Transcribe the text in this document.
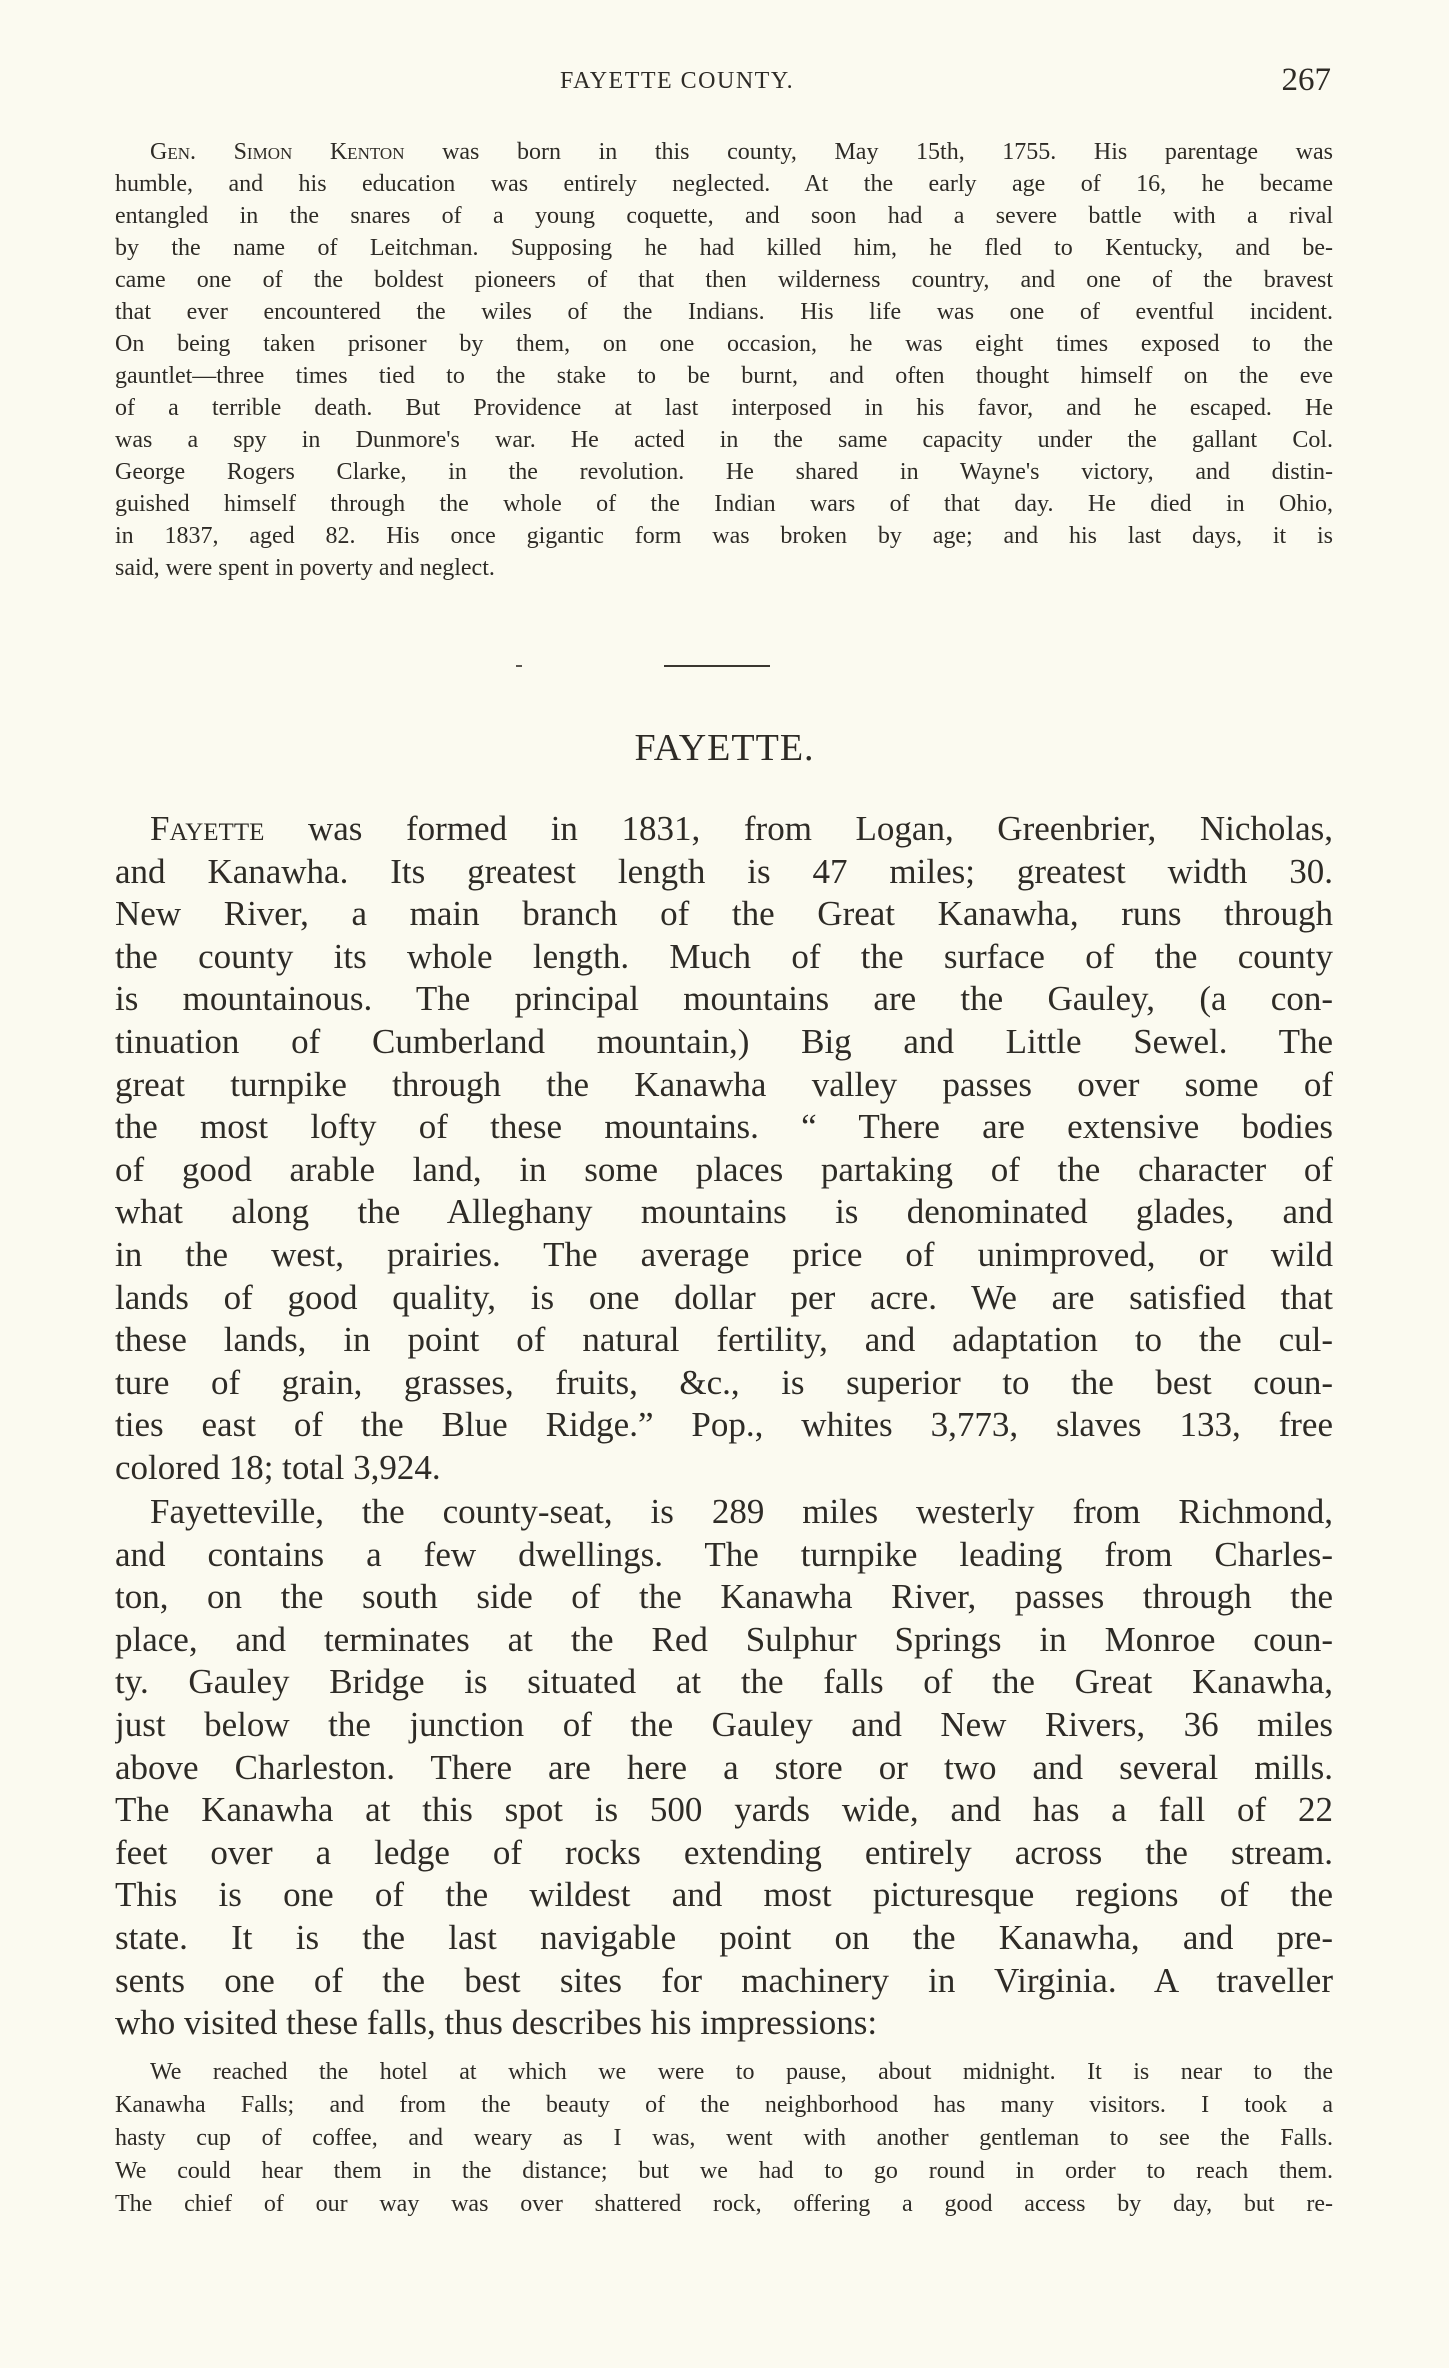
FAYETTE COUNTY.	267
Gen. Simon Kenton was born in this county, May 15th, 1755. His parentage was
humble, and his education was entirely neglected. At the early age of 16, he became
entangled in the snares of a young coquette, and soon had a severe battle with a rival
by the name of Leitchman. Supposing he had killed him, he fled to Kentucky, and be-
came one of the boldest pioneers of that then wilderness country, and one of the bravest
that ever encountered the wiles of the Indians. His life was one of eventful incident.
On being taken prisoner by them, on one occasion, he was eight times exposed to the
gauntlet—three times tied to the stake to be burnt, and often thought himself on the eve
of a terrible death. But Providence at last interposed in his favor, and he escaped. He
was a spy in Dunmore's war. He acted in the same capacity under the gallant Col.
George Rogers Clarke, in the revolution. He shared in Wayne's victory, and distin-
guished himself through the whole of the Indian wars of that day. He died in Ohio,
in 1837, aged 82. His once gigantic form was broken by age; and his last days, it is
said, were spent in poverty and neglect.
FAYETTE.
Fayette was formed in 1831, from Logan, Greenbrier, Nicholas,
and Kanawha. Its greatest length is 47 miles; greatest width 30.
New River, a main branch of the Great Kanawha, runs through
the county its whole length. Much of the surface of the county
is mountainous. The principal mountains are the Gauley, (a con-
tinuation of Cumberland mountain,) Big and Little Sewel. The
great turnpike through the Kanawha valley passes over some of
the most lofty of these mountains. “ There are extensive bodies
of good arable land, in some places partaking of the character of
what along the Alleghany mountains is denominated glades, and
in the west, prairies. The average price of unimproved, or wild
lands of good quality, is one dollar per acre. We are satisfied that
these lands, in point of natural fertility, and adaptation to the cul-
ture of grain, grasses, fruits, &c., is superior to the best coun-
ties east of the Blue Ridge.” Pop., whites 3,773, slaves 133, free
colored 18; total 3,924.
Fayetteville, the county-seat, is 289 miles westerly from Richmond,
and contains a few dwellings. The turnpike leading from Charles-
ton, on the south side of the Kanawha River, passes through the
place, and terminates at the Red Sulphur Springs in Monroe coun-
ty. Gauley Bridge is situated at the falls of the Great Kanawha,
just below the junction of the Gauley and New Rivers, 36 miles
above Charleston. There are here a store or two and several mills.
The Kanawha at this spot is 500 yards wide, and has a fall of 22
feet over a ledge of rocks extending entirely across the stream.
This is one of the wildest and most picturesque regions of the
state. It is the last navigable point on the Kanawha, and pre-
sents one of the best sites for machinery in Virginia. A traveller
who visited these falls, thus describes his impressions:
We reached the hotel at which we were to pause, about midnight. It is near to the
Kanawha Falls; and from the beauty of the neighborhood has many visitors. I took a
hasty cup of coffee, and weary as I was, went with another gentleman to see the Falls.
We could hear them in the distance; but we had to go round in order to reach them.
The chief of our way was over shattered rock, offering a good access by day, but re-
